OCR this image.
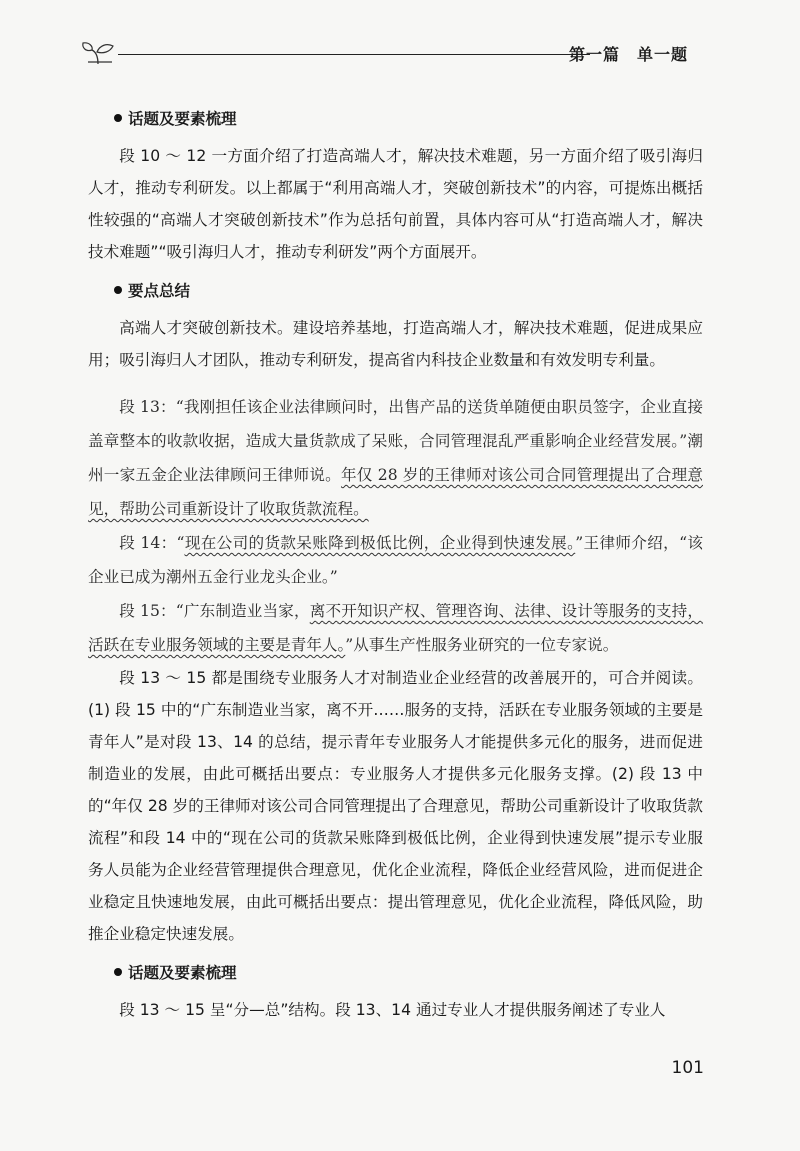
第一篇　单一题
话题及要素梳理

段 10 ～ 12 一方面介绍了打造高端人才，解决技术难题，另一方面介绍了吸引海归人才，推动专利研发。以上都属于“利用高端人才，突破创新技术”的内容，可提炼出概括性较强的“高端人才突破创新技术”作为总括句前置，具体内容可从“打造高端人才，解决技术难题”“吸引海归人才，推动专利研发”两个方面展开。

要点总结

高端人才突破创新技术。建设培养基地，打造高端人才，解决技术难题，促进成果应用；吸引海归人才团队，推动专利研发，提高省内科技企业数量和有效发明专利量。

段 13：“我刚担任该企业法律顾问时，出售产品的送货单随便由职员签字，企业直接盖章整本的收款收据，造成大量货款成了呆账，合同管理混乱严重影响企业经营发展。”潮州一家五金企业法律顾问王律师说。年仅 28 岁的王律师对该公司合同管理提出了合理意见，帮助公司重新设计了收取货款流程。

段 14：“现在公司的货款呆账降到极低比例，企业得到快速发展。”王律师介绍，“该企业已成为潮州五金行业龙头企业。”

段 15：“广东制造业当家，离不开知识产权、管理咨询、法律、设计等服务的支持，活跃在专业服务领域的主要是青年人。”从事生产性服务业研究的一位专家说。

段 13 ～ 15 都是围绕专业服务人才对制造业企业经营的改善展开的，可合并阅读。(1) 段 15 中的“广东制造业当家，离不开……服务的支持，活跃在专业服务领域的主要是青年人”是对段 13、14 的总结，提示青年专业服务人才能提供多元化的服务，进而促进制造业的发展，由此可概括出要点：专业服务人才提供多元化服务支撑。(2) 段 13 中的“年仅 28 岁的王律师对该公司合同管理提出了合理意见，帮助公司重新设计了收取货款流程”和段 14 中的“现在公司的货款呆账降到极低比例，企业得到快速发展”提示专业服务人员能为企业经营管理提供合理意见，优化企业流程，降低企业经营风险，进而促进企业稳定且快速地发展，由此可概括出要点：提出管理意见，优化企业流程，降低风险，助推企业稳定快速发展。

话题及要素梳理

段 13 ～ 15 呈“分—总”结构。段 13、14 通过专业人才提供服务阐述了专业人

101
